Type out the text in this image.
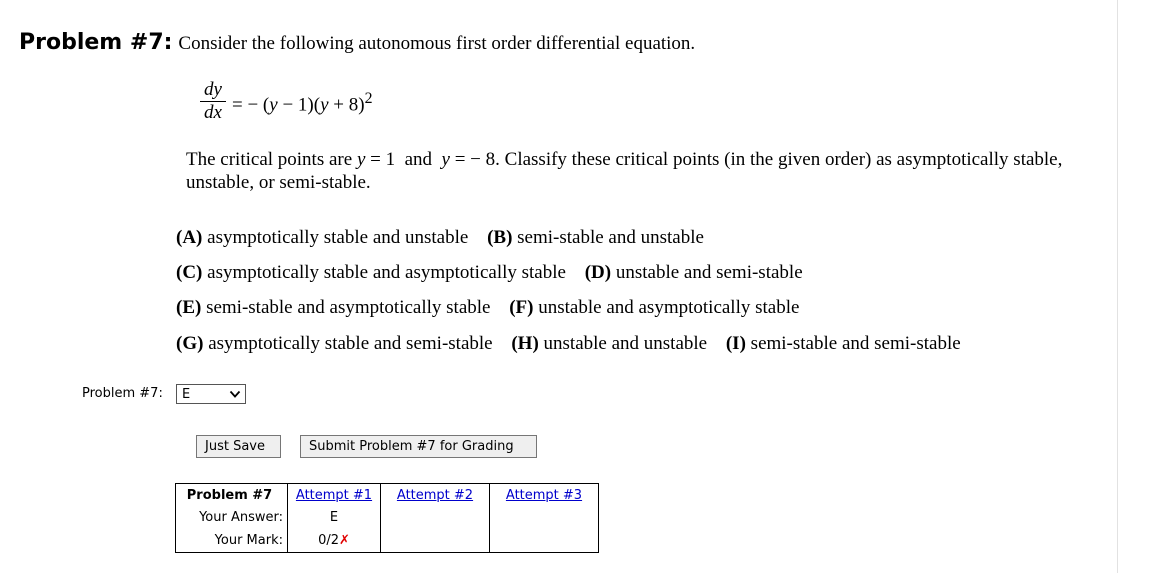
Problem #7: Consider the following autonomous first order differential equation.
dy
dx = − $(y - 1)(y + 8)^2$
The critical points are y = 1  and  y = − 8. Classify these critical points (in the given order) as asymptotically stable, unstable, or semi-stable.
(A) asymptotically stable and unstable (B) semi-stable and unstable
(C) asymptotically stable and asymptotically stable (D) unstable and semi-stable
(E) semi-stable and asymptotically stable (F) unstable and asymptotically stable
(G) asymptotically stable and semi-stable (H) unstable and unstable (I) semi-stable and semi-stable
Problem #7: E
Just Save	Submit Problem #7 for Grading
Problem #7	Attempt #1	Attempt #2	Attempt #3
Your Answer:	E		
Your Mark:	0/2✗		
